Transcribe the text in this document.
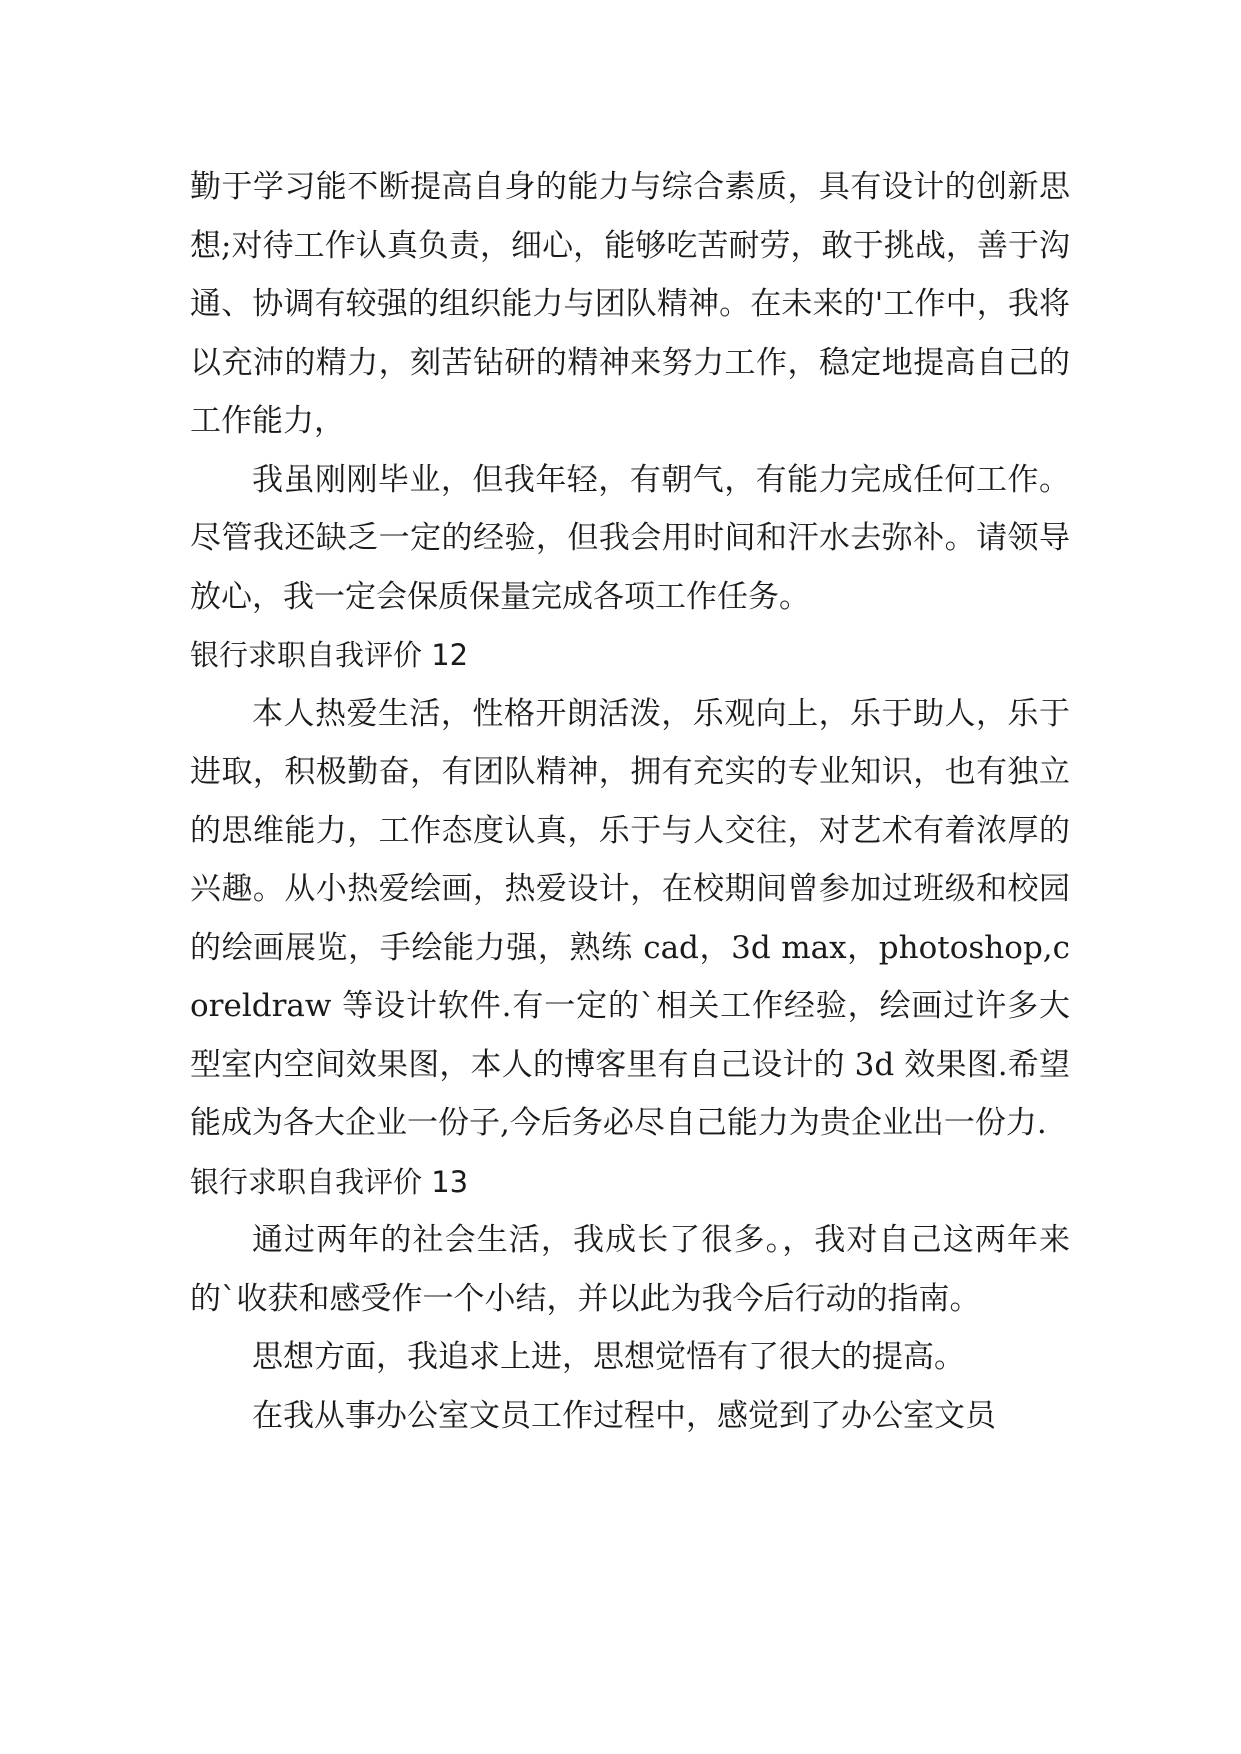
勤于学习能不断提高自身的能力与综合素质，具有设计的创新思想;对待工作认真负责，细心，能够吃苦耐劳，敢于挑战，善于沟通、协调有较强的组织能力与团队精神。在未来的'工作中，我将以充沛的精力，刻苦钻研的精神来努力工作，稳定地提高自己的工作能力，

我虽刚刚毕业，但我年轻，有朝气，有能力完成任何工作。尽管我还缺乏一定的经验，但我会用时间和汗水去弥补。请领导放心，我一定会保质保量完成各项工作任务。

银行求职自我评价 12

本人热爱生活，性格开朗活泼，乐观向上，乐于助人，乐于进取，积极勤奋，有团队精神，拥有充实的专业知识，也有独立的思维能力，工作态度认真，乐于与人交往，对艺术有着浓厚的兴趣。从小热爱绘画，热爱设计，在校期间曾参加过班级和校园的绘画展览，手绘能力强，熟练 cad，3d max，photoshop,coreldraw 等设计软件.有一定的`相关工作经验，绘画过许多大型室内空间效果图，本人的博客里有自己设计的 3d 效果图.希望能成为各大企业一份子,今后务必尽自己能力为贵企业出一份力.

银行求职自我评价 13

通过两年的社会生活，我成长了很多。，我对自己这两年来的`收获和感受作一个小结，并以此为我今后行动的指南。

思想方面，我追求上进，思想觉悟有了很大的提高。

在我从事办公室文员工作过程中，感觉到了办公室文员
